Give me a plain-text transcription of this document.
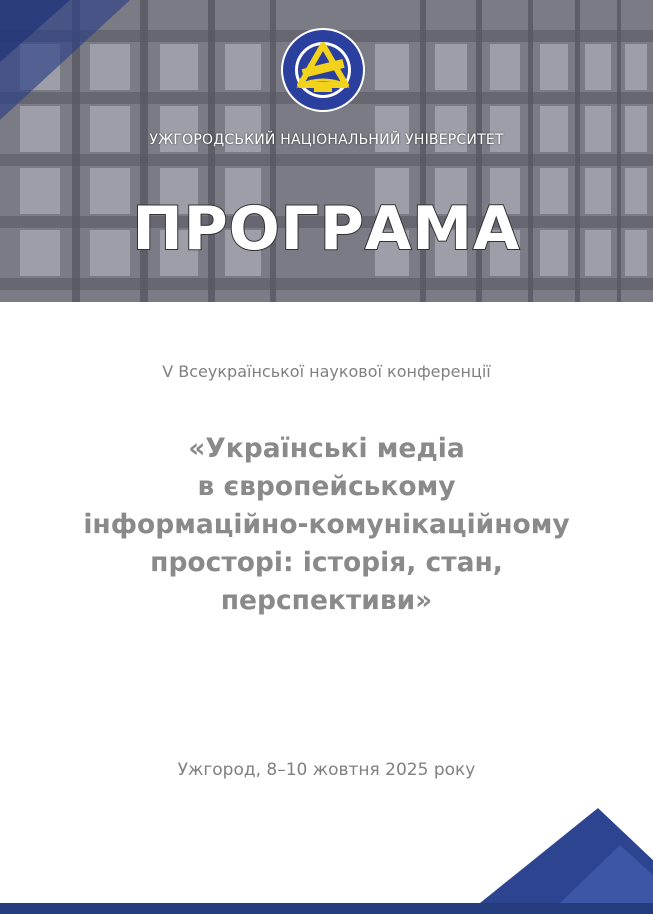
УЖГОРОДСЬКИЙ НАЦІОНАЛЬНИЙ УНІВЕРСИТЕТ
ПРОГРАМА
V Всеукраїнської наукової конференції
«Українські медіа
в європейському
інформаційно-комунікаційному
просторі: історія, стан,
перспективи»
Ужгород, 8–10 жовтня 2025 року
